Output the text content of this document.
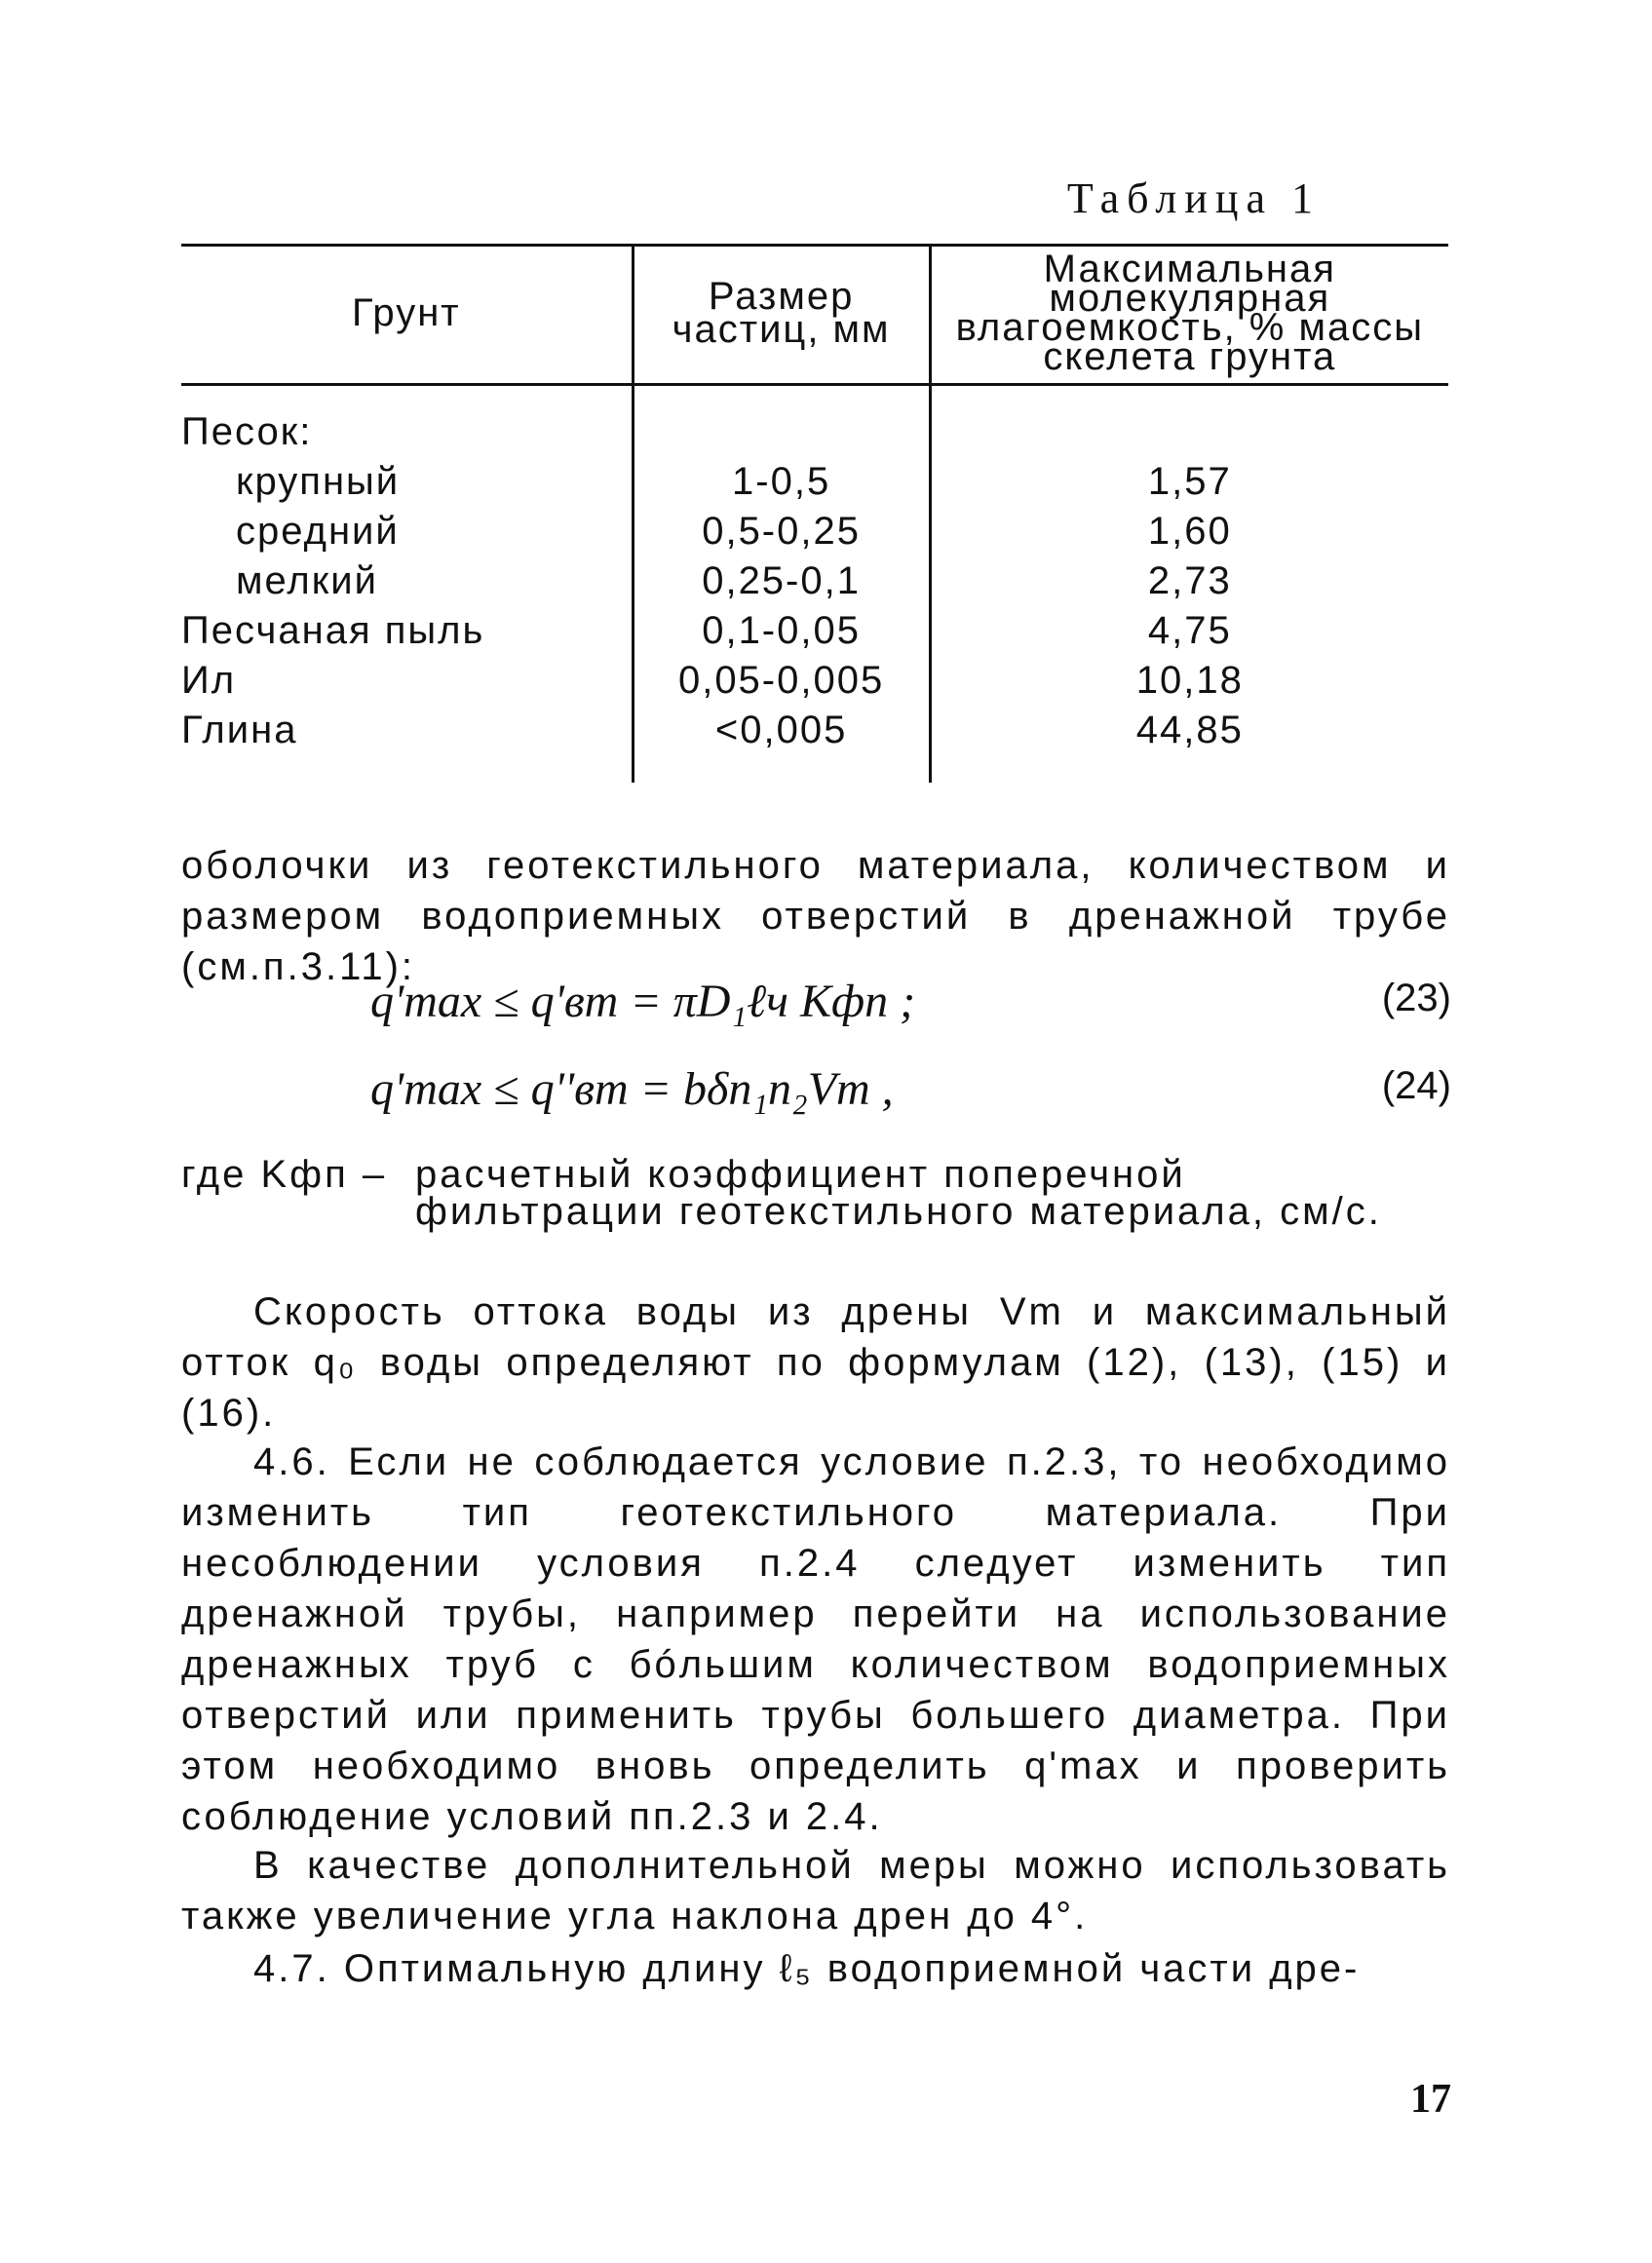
Таблица 1
Грунт	Размер частиц, мм	Максимальная молекулярная влагоемкость, % массы скелета грунта
Песок:		
крупный	1-0,5	1,57
средний	0,5-0,25	1,60
мелкий	0,25-0,1	2,73
Песчаная пыль	0,1-0,05	4,75
Ил	0,05-0,005	10,18
Глина	<0,005	44,85

оболочки из геотекстильного материала, количеством и размером водоприемных отверстий в дренажной трубе (см.п.3.11):

q'max ≤ q'вт = πD₁ℓч Kфп ;	(23)
q'max ≤ q''вт = bδn₁n₂Vm ,	(24)
где Kфп – расчетный коэффициент поперечной фильтрации геотекстильного материала, см/с.

Скорость оттока воды из дрены Vm и максимальный отток q₀ воды определяют по формулам (12), (13), (15) и (16).

4.6. Если не соблюдается условие п.2.3, то необходимо изменить тип геотекстильного материала. При несоблюдении условия п.2.4 следует изменить тип дренажной трубы, например перейти на использование дренажных труб с бóльшим количеством водоприемных отверстий или применить трубы большего диаметра. При этом необходимо вновь определить q'max и проверить соблюдение условий пп.2.3 и 2.4.

В качестве дополнительной меры можно использовать также увеличение угла наклона дрен до 4°.

4.7. Оптимальную длину ℓ₅ водоприемной части дре-

17
